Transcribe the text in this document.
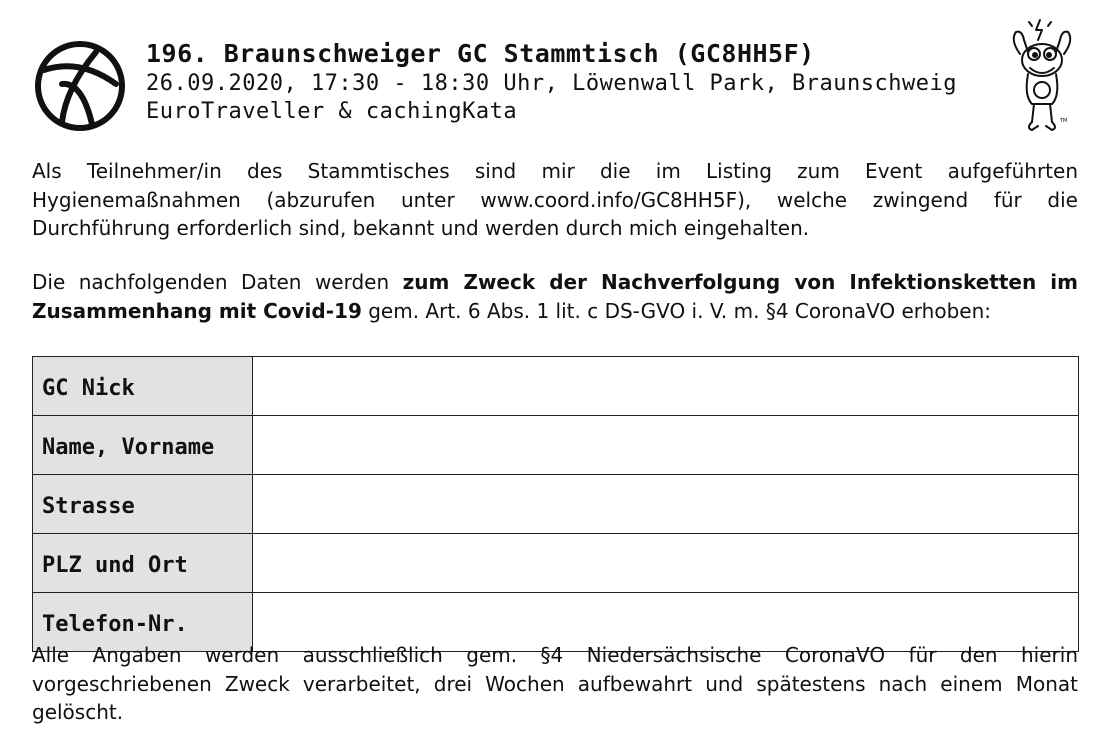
196. Braunschweiger GC Stammtisch (GC8HH5F)
26.09.2020, 17:30 - 18:30 Uhr, Löwenwall Park, Braunschweig
EuroTraveller & cachingKata	TM

Als Teilnehmer/in des Stammtisches sind mir die im Listing zum Event aufgeführten Hygienemaßnahmen (abzurufen unter www.coord.info/GC8HH5F), welche zwingend für die Durchführung erforderlich sind, bekannt und werden durch mich eingehalten.

Die nachfolgenden Daten werden zum Zweck der Nachverfolgung von Infektionsketten im Zusammenhang mit Covid-19 gem. Art. 6 Abs. 1 lit. c DS-GVO i. V. m. §4 CoronaVO erhoben:

GC Nick	
Name, Vorname	
Strasse	
PLZ und Ort	
Telefon-Nr.	

Alle Angaben werden ausschließlich gem. §4 Niedersächsische CoronaVO für den hierin vorgeschriebenen Zweck verarbeitet, drei Wochen aufbewahrt und spätestens nach einem Monat gelöscht.
